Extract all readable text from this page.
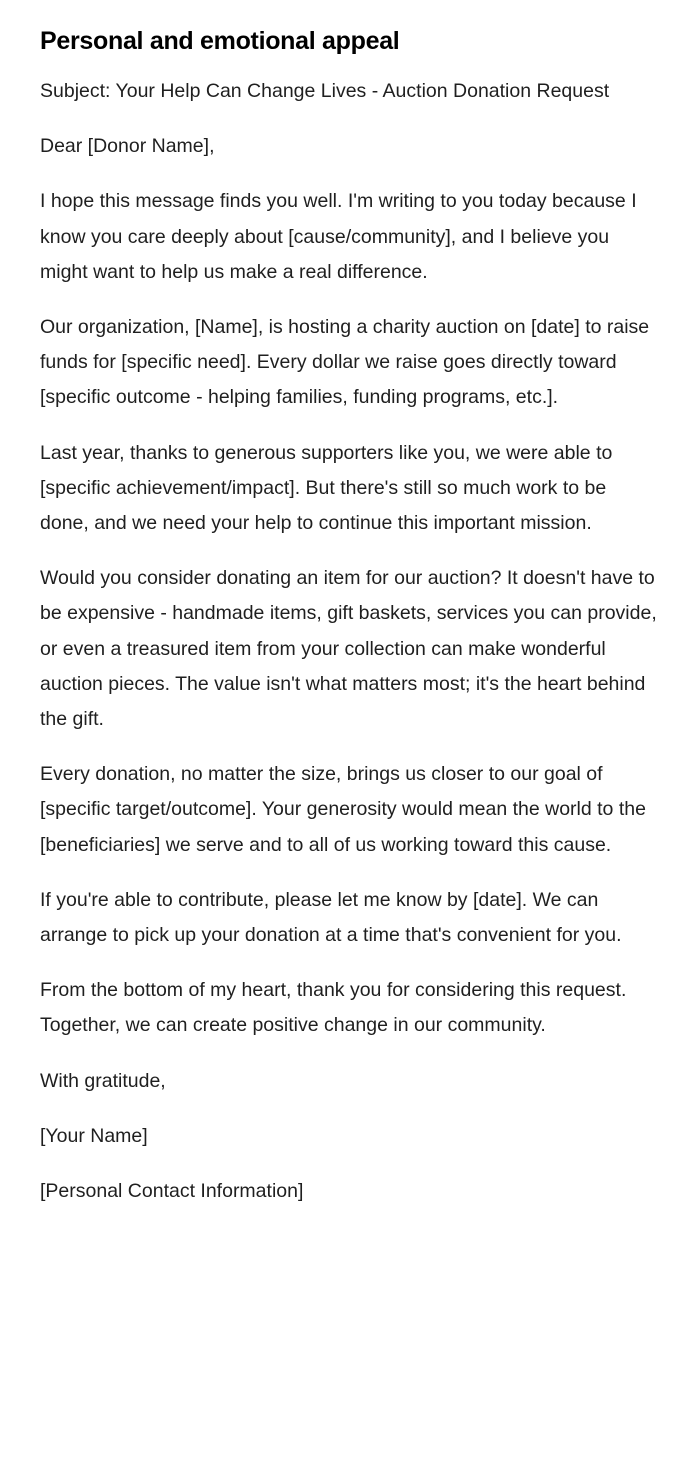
Personal and emotional appeal

Subject: Your Help Can Change Lives - Auction Donation Request

Dear [Donor Name],

I hope this message finds you well. I'm writing to you today because I know you care deeply about [cause/community], and I believe you might want to help us make a real difference.

Our organization, [Name], is hosting a charity auction on [date] to raise funds for [specific need]. Every dollar we raise goes directly toward [specific outcome - helping families, funding programs, etc.].

Last year, thanks to generous supporters like you, we were able to [specific achievement/impact]. But there's still so much work to be done, and we need your help to continue this important mission.

Would you consider donating an item for our auction? It doesn't have to be expensive - handmade items, gift baskets, services you can provide, or even a treasured item from your collection can make wonderful auction pieces. The value isn't what matters most; it's the heart behind the gift.

Every donation, no matter the size, brings us closer to our goal of [specific target/outcome]. Your generosity would mean the world to the [beneficiaries] we serve and to all of us working toward this cause.

If you're able to contribute, please let me know by [date]. We can arrange to pick up your donation at a time that's convenient for you.

From the bottom of my heart, thank you for considering this request. Together, we can create positive change in our community.

With gratitude,

[Your Name]

[Personal Contact Information]
